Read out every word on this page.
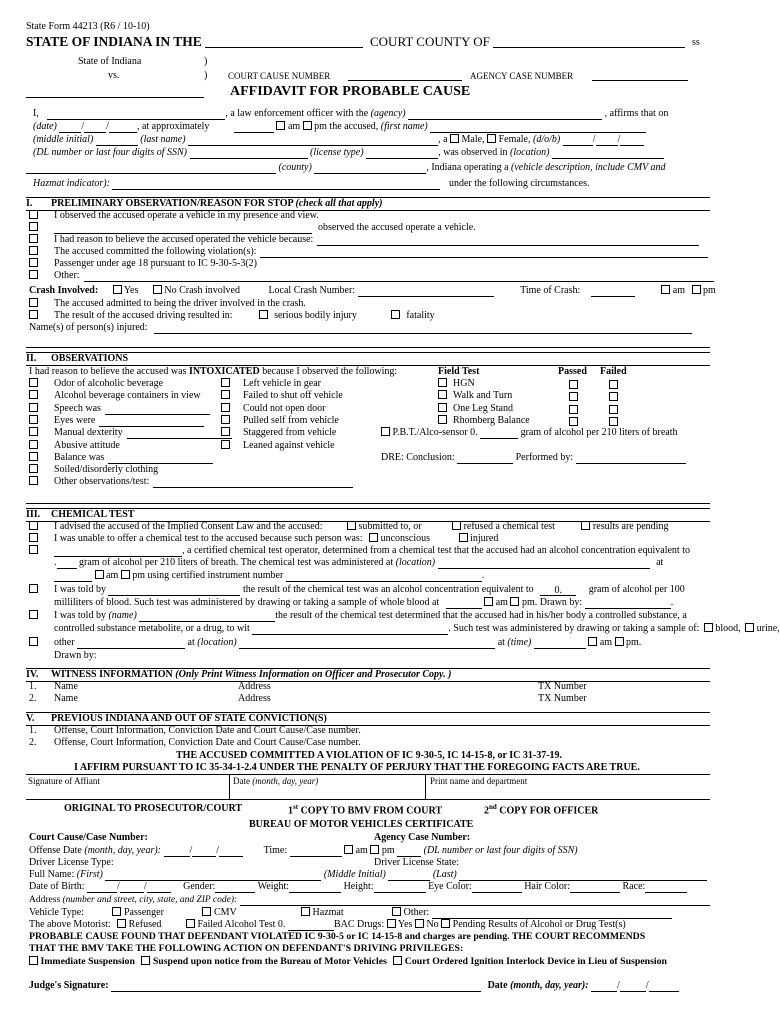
State Form 44213 (R6 / 10-10)
STATE OF INDIANA IN THE	COURT COUNTY OF	ss
State of Indiana	)
vs.	) COURT CAUSE NUMBER	AGENCY CASE NUMBER
AFFIDAVIT FOR PROBABLE CAUSE
I,	, a law enforcement officer with the (agency)	, affirms that on
(date) / /	, at approximately	am pm the accused, (first name)
(middle initial)	(last name)	, a Male, Female, (d/o/b)	/ /
(DL number or last four digits of SSN)	(license type)	, was observed in (location)
(county)	, Indiana operating a (vehicle description, include CMV and
Hazmat indicator):	under the following circumstances.
I. PRELIMINARY OBSERVATION/REASON FOR STOP (check all that apply)
I observed the accused operate a vehicle in my presence and view.
observed the accused operate a vehicle.
I had reason to believe the accused operated the vehicle because:
The accused committed the following violation(s):
Passenger under age 18 pursuant to IC 9-30-5-3(2)
Other:
Crash Involved:	Yes	No Crash involved	Local Crash Number:	Time of Crash:	am pm
The accused admitted to being the driver involved in the crash.
The result of the accused driving resulted in:	serious bodily injury	fatality
Name(s) of person(s) injured:
II. OBSERVATIONS
I had reason to believe the accused was INTOXICATED because I observed the following:	Field Test	Passed Failed
Odor of alcoholic beverage
Alcohol beverage containers in view
Speech was
Eyes were
Manual dexterity
Abusive attitude
Balance was
Soiled/disorderly clothing
Other observations/test:
Left vehicle in gear
Failed to shut off vehicle
Could not open door
Pulled self from vehicle
Staggered from vehicle
Leaned against vehicle
HGN
Walk and Turn
One Leg Stand
Rhomberg Balance
P.B.T./Alco-sensor 0.	gram of alcohol per 210 liters of breath
DRE: Conclusion:	Performed by:
III. CHEMICAL TEST
I advised the accused of the Implied Consent Law and the accused:	submitted to, or	refused a chemical test	results are pending
I was unable to offer a chemical test to the accused because such person was: unconscious	injured
, a certified chemical test operator, determined from a chemical test that the accused had an alcohol concentration equivalent to
. gram of alcohol per 210 liters of breath. The chemical test was administered at (location)	at
am pm using certified instrument number	.
I was told by	the result of the chemical test was an alcohol concentration equivalent to 0.	gram of alcohol per 100
milliliters of blood. Such test was administered by drawing or taking a sample of whole blood at	am pm. Drawn by:	.
I was told by (name)	the result of the chemical test determined that the accused had in his/her body a controlled substance, a
controlled substance metabolite, or a drug, to wit	. Such test was administered by drawing or taking a sample of: blood, urine,
other	at (location)	at (time)	am pm.
Drawn by:
IV. WITNESS INFORMATION (Only Print Witness Information on Officer and Prosecutor Copy. )
1. Name	Address	TX Number
2. Name	Address	TX Number
V. PREVIOUS INDIANA AND OUT OF STATE CONVICTION(S)
1. Offense, Court Information, Conviction Date and Court Cause/Case number.
2. Offense, Court Information, Conviction Date and Court Cause/Case number.
THE ACCUSED COMMITTED A VIOLATION OF IC 9-30-5, IC 14-15-8, or IC 31-37-19.
I AFFIRM PURSUANT TO IC 35-34-1-2.4 UNDER THE PENALTY OF PERJURY THAT THE FOREGOING FACTS ARE TRUE.
Signature of Affiant	Date (month, day, year)	Print name and department
ORIGINAL TO PROSECUTOR/COURT	1st COPY TO BMV FROM COURT	2nd COPY FOR OFFICER
BUREAU OF MOTOR VEHICLES CERTIFICATE
Court Cause/Case Number:	Agency Case Number:
Offense Date (month, day, year):	/ /	Time:	am pm	(DL number or last four digits of SSN)
Driver License Type:	Driver License State:
Full Name: (First)	(Middle Initial)	(Last)
Date of Birth:	/ /	Gender:	Weight:	Height:	Eye Color:	Hair Color:	Race:
Address (number and street, city, state, and ZIP code):
Vehicle Type:	Passenger	CMV	Hazmat	Other:
The above Motorist: Refused	Failed Alcohol Test 0.	BAC Drugs: Yes No Pending Results of Alcohol or Drug Test(s)
PROBABLE CAUSE FOUND THAT DEFENDANT VIOLATED IC 9-30-5 or IC 14-15-8 and charges are pending. THE COURT RECOMMENDS
THAT THE BMV TAKE THE FOLLOWING ACTION ON DEFENDANT'S DRIVING PRIVILEGES:
Immediate Suspension Suspend upon notice from the Bureau of Motor Vehicles Court Ordered Ignition Interlock Device in Lieu of Suspension
Judge's Signature:	Date (month, day, year):	/	/
